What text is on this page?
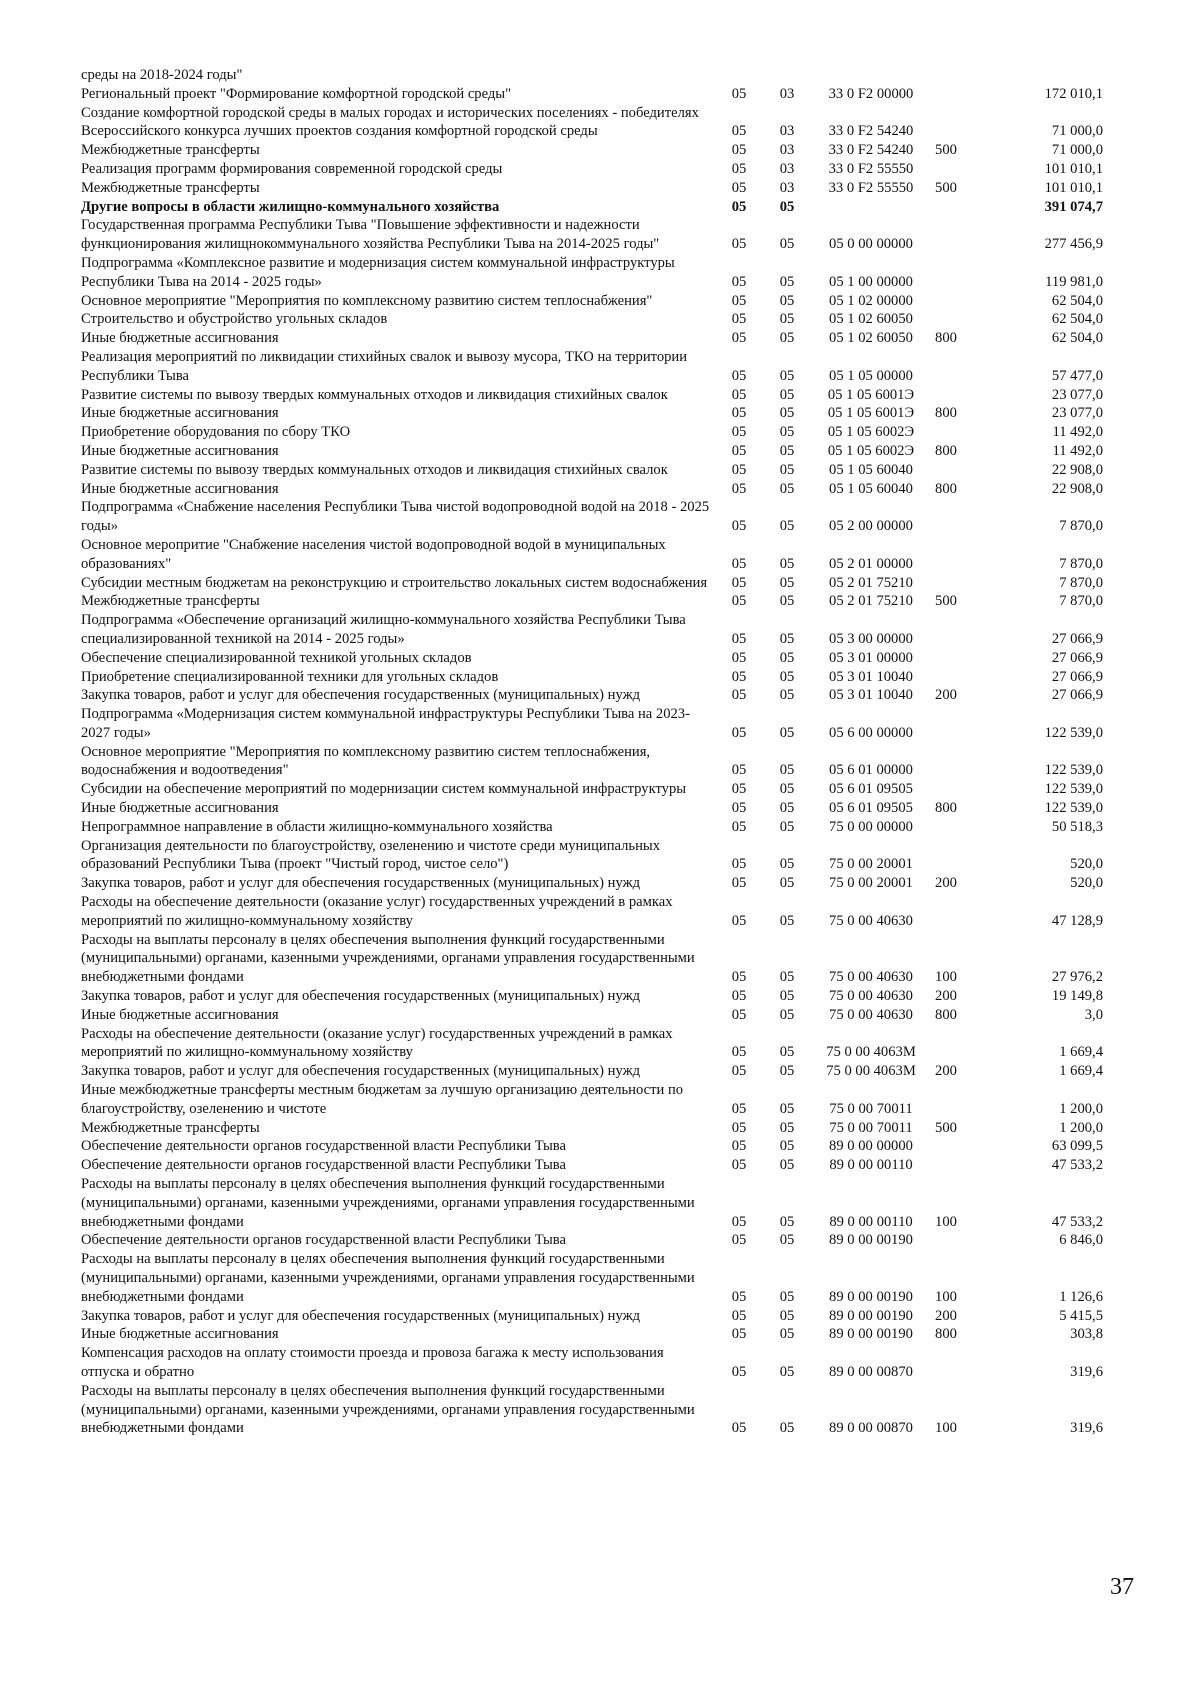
среды на 2018-2024 годы"
Региональный проект "Формирование комфортной городской среды"	05	03	33 0 F2 00000	172 010,1
Создание комфортной городской среды в малых городах и исторических поселениях - победителях Всероссийского конкурса лучших проектов создания комфортной городской среды	05	03	33 0 F2 54240	71 000,0
Межбюджетные трансферты	05	03	33 0 F2 54240	500	71 000,0
Реализация программ формирования современной городской среды	05	03	33 0 F2 55550	101 010,1
Межбюджетные трансферты	05	03	33 0 F2 55550	500	101 010,1
Другие вопросы в области жилищно-коммунального хозяйства	05	05	391 074,7
Государственная программа Республики Тыва "Повышение эффективности и надежности функционирования жилищнокоммунального хозяйства Республики Тыва на 2014-2025 годы"	05	05	05 0 00 00000	277 456,9
Подпрограмма «Комплексное развитие и модернизация систем коммунальной инфраструктуры Республики Тыва на 2014 - 2025 годы»	05	05	05 1 00 00000	119 981,0
Основное мероприятие "Мероприятия по комплексному развитию систем теплоснабжения"	05	05	05 1 02 00000	62 504,0
Строительство и обустройство угольных складов	05	05	05 1 02 60050	62 504,0
Иные бюджетные ассигнования	05	05	05 1 02 60050	800	62 504,0
Реализация мероприятий по ликвидации стихийных свалок и вывозу мусора, ТКО на территории Республики Тыва	05	05	05 1 05 00000	57 477,0
Развитие системы по вывозу твердых коммунальных отходов и ликвидация стихийных свалок	05	05	05 1 05 6001Э	23 077,0
Иные бюджетные ассигнования	05	05	05 1 05 6001Э	800	23 077,0
Приобретение оборудования по сбору ТКО	05	05	05 1 05 6002Э	11 492,0
Иные бюджетные ассигнования	05	05	05 1 05 6002Э	800	11 492,0
Развитие системы по вывозу твердых коммунальных отходов и ликвидация стихийных свалок	05	05	05 1 05 60040	22 908,0
Иные бюджетные ассигнования	05	05	05 1 05 60040	800	22 908,0
Подпрограмма «Снабжение населения Республики Тыва чистой водопроводной водой на 2018 - 2025 годы»	05	05	05 2 00 00000	7 870,0
Основное меропритие "Снабжение населения чистой водопроводной водой в муниципальных образованиях"	05	05	05 2 01 00000	7 870,0
Субсидии местным бюджетам на реконструкцию и строительство локальных систем водоснабжения	05	05	05 2 01 75210	7 870,0
Межбюджетные трансферты	05	05	05 2 01 75210	500	7 870,0
Подпрограмма «Обеспечение организаций жилищно-коммунального хозяйства Республики Тыва специализированной техникой на 2014 - 2025 годы»	05	05	05 3 00 00000	27 066,9
Обеспечение специализированной техникой угольных складов	05	05	05 3 01 00000	27 066,9
Приобретение специализированной техники для угольных складов	05	05	05 3 01 10040	27 066,9
Закупка товаров, работ и услуг для обеспечения государственных (муниципальных) нужд	05	05	05 3 01 10040	200	27 066,9
Подпрограмма «Модернизация систем коммунальной инфраструктуры Республики Тыва на 2023-2027 годы»	05	05	05 6 00 00000	122 539,0
Основное мероприятие "Мероприятия по комплексному развитию систем теплоснабжения, водоснабжения и водоотведения"	05	05	05 6 01 00000	122 539,0
Субсидии на обеспечение мероприятий по модернизации систем коммунальной инфраструктуры	05	05	05 6 01 09505	122 539,0
Иные бюджетные ассигнования	05	05	05 6 01 09505	800	122 539,0
Непрограммное направление в области жилищно-коммунального хозяйства	05	05	75 0 00 00000	50 518,3
Организация деятельности по благоустройству, озеленению и чистоте среди муниципальных образований Республики Тыва (проект "Чистый город, чистое село")	05	05	75 0 00 20001	520,0
Закупка товаров, работ и услуг для обеспечения государственных (муниципальных) нужд	05	05	75 0 00 20001	200	520,0
Расходы на обеспечение деятельности (оказание услуг) государственных учреждений в рамках мероприятий по жилищно-коммунальному хозяйству	05	05	75 0 00 40630	47 128,9
Расходы на выплаты персоналу в целях обеспечения выполнения функций государственными (муниципальными) органами, казенными учреждениями, органами управления государственными внебюджетными фондами	05	05	75 0 00 40630	100	27 976,2
Закупка товаров, работ и услуг для обеспечения государственных (муниципальных) нужд	05	05	75 0 00 40630	200	19 149,8
Иные бюджетные ассигнования	05	05	75 0 00 40630	800	3,0
Расходы на обеспечение деятельности (оказание услуг) государственных учреждений в рамках мероприятий по жилищно-коммунальному хозяйству	05	05	75 0 00 4063М	1 669,4
Закупка товаров, работ и услуг для обеспечения государственных (муниципальных) нужд	05	05	75 0 00 4063М	200	1 669,4
Иные межбюджетные трансферты местным бюджетам за лучшую организацию деятельности по благоустройству, озеленению и чистоте	05	05	75 0 00 70011	1 200,0
Межбюджетные трансферты	05	05	75 0 00 70011	500	1 200,0
Обеспечение деятельности органов государственной власти Республики Тыва	05	05	89 0 00 00000	63 099,5
Обеспечение деятельности органов государственной власти Республики Тыва	05	05	89 0 00 00110	47 533,2
Расходы на выплаты персоналу в целях обеспечения выполнения функций государственными (муниципальными) органами, казенными учреждениями, органами управления государственными внебюджетными фондами	05	05	89 0 00 00110	100	47 533,2
Обеспечение деятельности органов государственной власти Республики Тыва	05	05	89 0 00 00190	6 846,0
Расходы на выплаты персоналу в целях обеспечения выполнения функций государственными (муниципальными) органами, казенными учреждениями, органами управления государственными внебюджетными фондами	05	05	89 0 00 00190	100	1 126,6
Закупка товаров, работ и услуг для обеспечения государственных (муниципальных) нужд	05	05	89 0 00 00190	200	5 415,5
Иные бюджетные ассигнования	05	05	89 0 00 00190	800	303,8
Компенсация расходов на оплату стоимости проезда и провоза багажа к месту использования отпуска и обратно	05	05	89 0 00 00870	319,6
Расходы на выплаты персоналу в целях обеспечения выполнения функций государственными (муниципальными) органами, казенными учреждениями, органами управления государственными внебюджетными фондами	05	05	89 0 00 00870	100	319,6
37
